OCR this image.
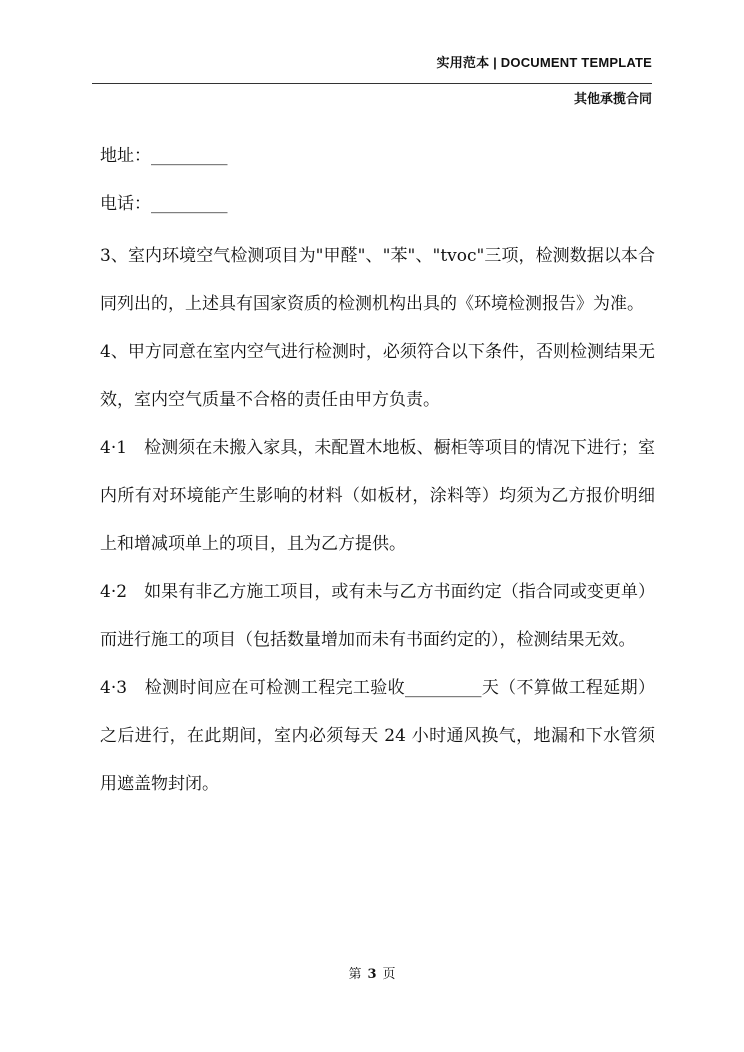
实用范本 | DOCUMENT TEMPLATE
其他承揽合同
地址：_________
电话：_________
3、室内环境空气检测项目为"甲醛"、"苯"、"tvoc"三项，检测数据以本合同列出的，上述具有国家资质的检测机构出具的《环境检测报告》为准。
4、甲方同意在室内空气进行检测时，必须符合以下条件，否则检测结果无效，室内空气质量不合格的责任由甲方负责。
4·1　检测须在未搬入家具，未配置木地板、橱柜等项目的情况下进行；室内所有对环境能产生影响的材料（如板材，涂料等）均须为乙方报价明细上和增减项单上的项目，且为乙方提供。
4·2　如果有非乙方施工项目，或有未与乙方书面约定（指合同或变更单）而进行施工的项目（包括数量增加而未有书面约定的），检测结果无效。
4·3　检测时间应在可检测工程完工验收_________天（不算做工程延期）之后进行，在此期间，室内必须每天 24 小时通风换气，地漏和下水管须用遮盖物封闭。
第 3 页
